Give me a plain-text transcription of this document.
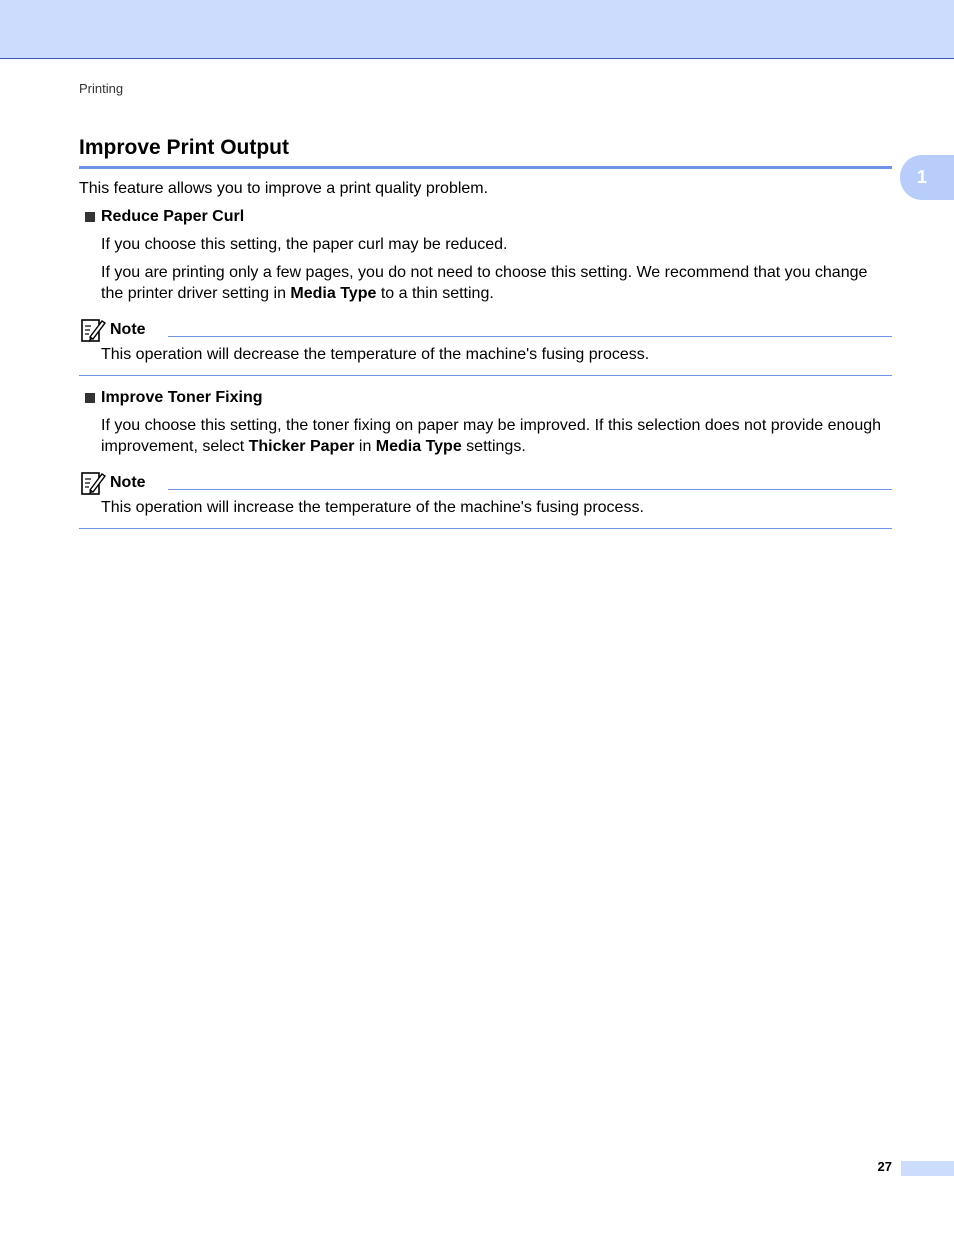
Printing
Improve Print Output
1

This feature allows you to improve a print quality problem.

Reduce Paper Curl

If you choose this setting, the paper curl may be reduced.

If you are printing only a few pages, you do not need to choose this setting. We recommend that you change the printer driver setting in Media Type to a thin setting.

Note

This operation will decrease the temperature of the machine's fusing process.

Improve Toner Fixing

If you choose this setting, the toner fixing on paper may be improved. If this selection does not provide enough improvement, select Thicker Paper in Media Type settings.

Note

This operation will increase the temperature of the machine's fusing process.

27
